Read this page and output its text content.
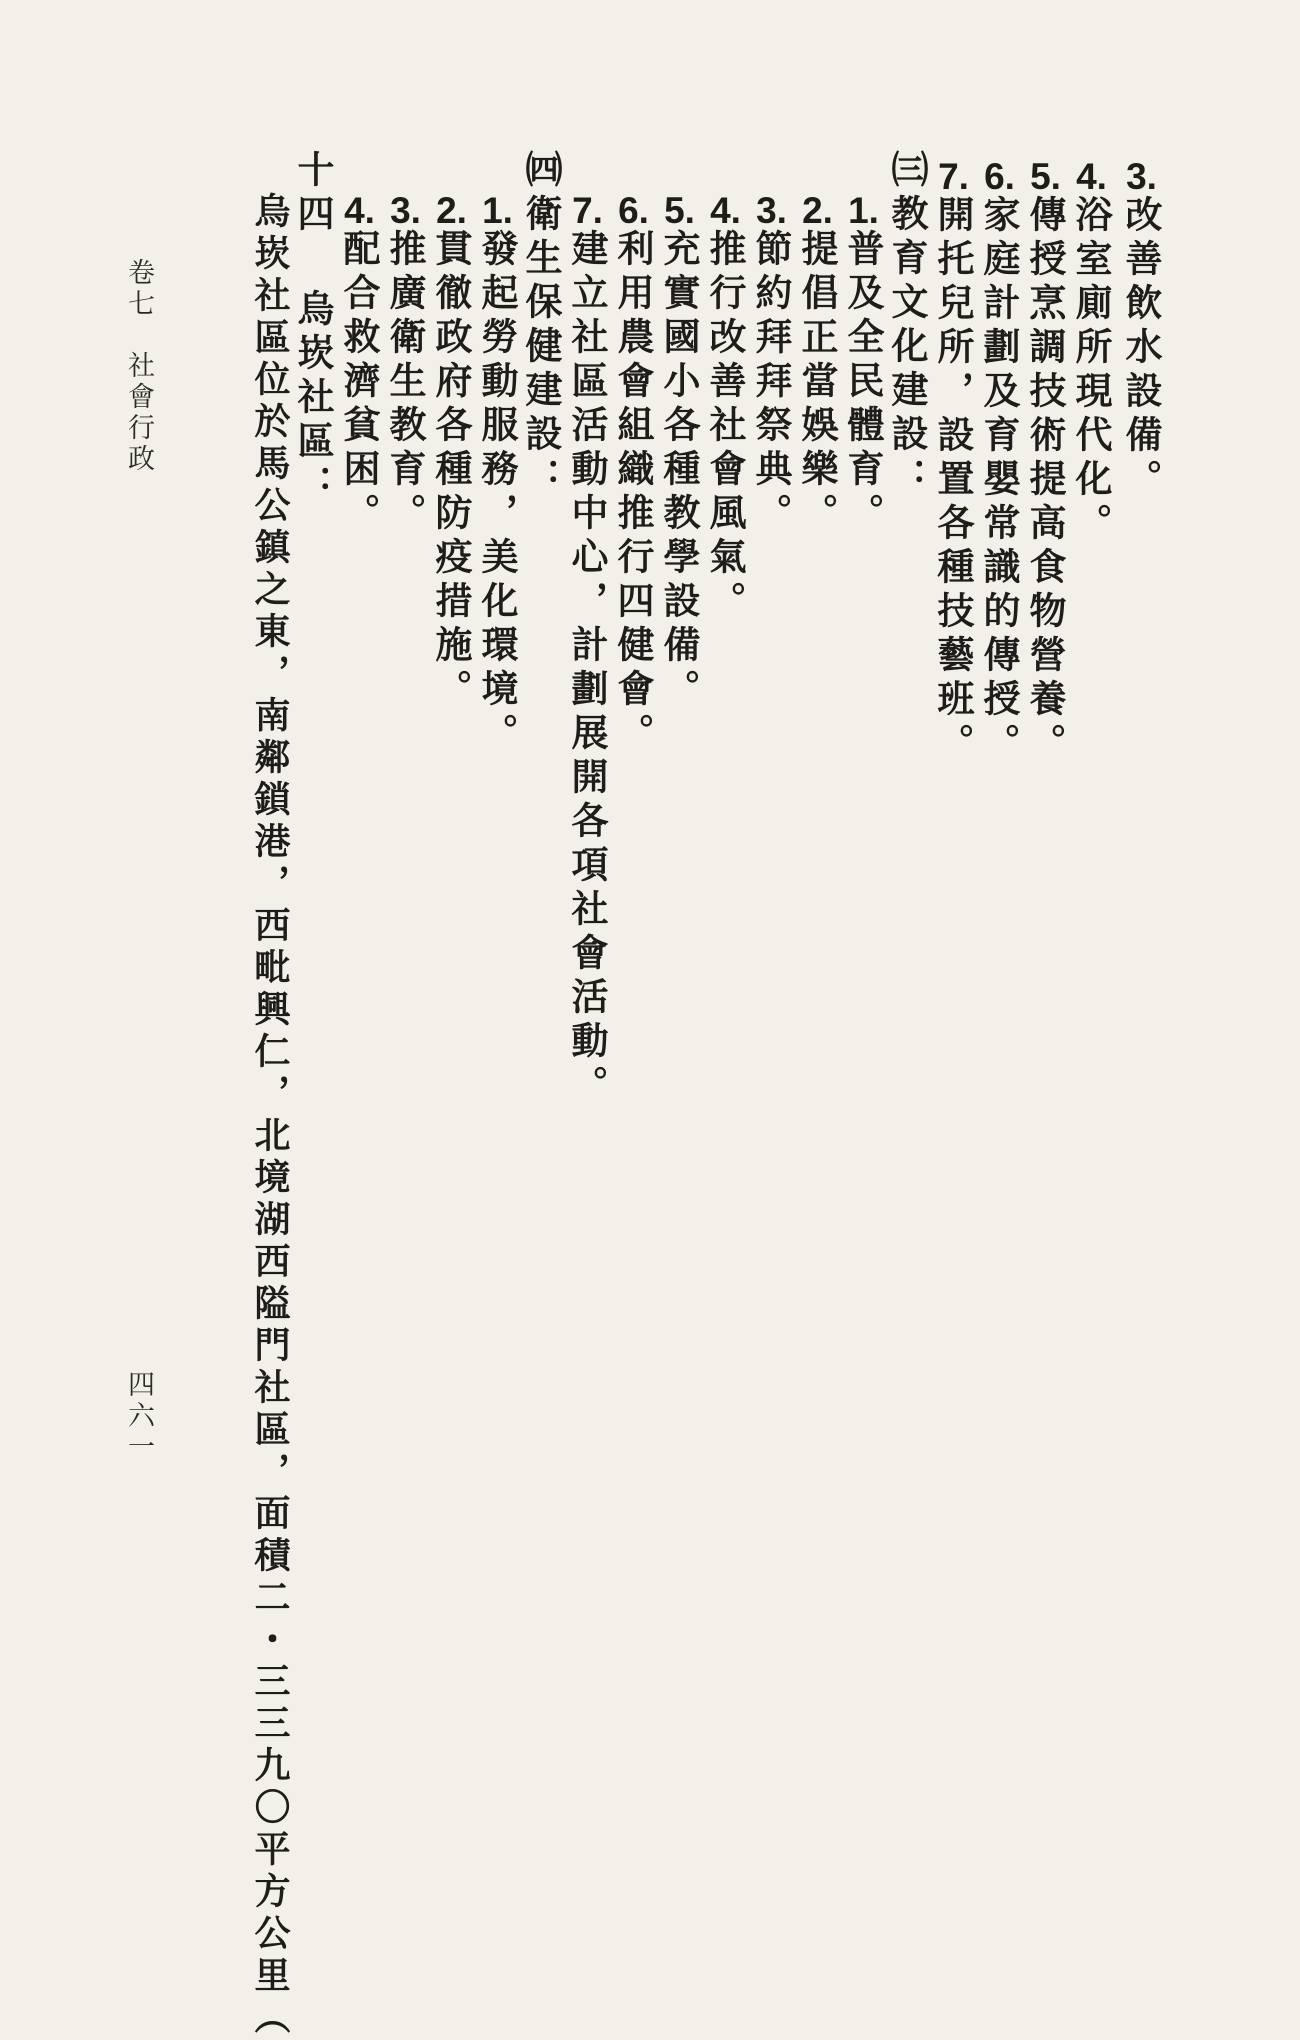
3.改善飲水設備。
4.浴室廁所現代化。
5.傳授烹調技術提高食物營養。
6.家庭計劃及育嬰常識的傳授。
7.開托兒所，設置各種技藝班。
㈢教育文化建設：
1.普及全民體育。
2.提倡正當娛樂。
3.節約拜拜祭典。
4.推行改善社會風氣。
5.充實國小各種教學設備。
6.利用農會組織推行四健會。
7.建立社區活動中心，計劃展開各項社會活動。
㈣衛生保健建設：
1.發起勞動服務，美化環境。
2.貫徹政府各種防疫措施。
3.推廣衛生教育。
4.配合救濟貧困。
十四 烏崁社區：
烏崁社區位於馬公鎮之東，南鄰鎖港，西毗興仁，北境湖西隘門社區，面積二・三三九〇平方公里（
卷七　社會行政
四六一
